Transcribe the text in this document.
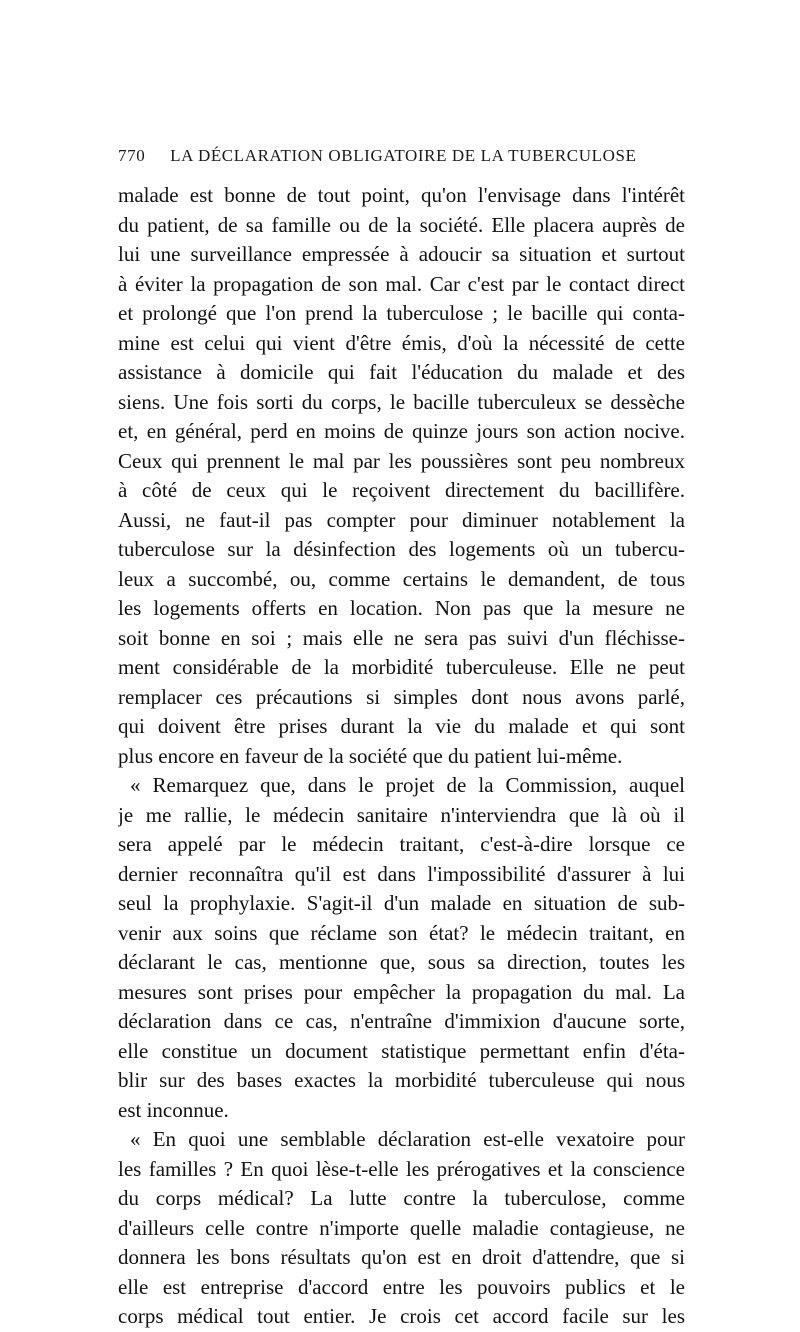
770 LA DÉCLARATION OBLIGATOIRE DE LA TUBERCULOSE
malade est bonne de tout point, qu'on l'envisage dans l'intérêt
du patient, de sa famille ou de la société. Elle placera auprès de
lui une surveillance empressée à adoucir sa situation et surtout
à éviter la propagation de son mal. Car c'est par le contact direct
et prolongé que l'on prend la tuberculose ; le bacille qui conta-
mine est celui qui vient d'être émis, d'où la nécessité de cette
assistance à domicile qui fait l'éducation du malade et des
siens. Une fois sorti du corps, le bacille tuberculeux se dessèche
et, en général, perd en moins de quinze jours son action nocive.
Ceux qui prennent le mal par les poussières sont peu nombreux
à côté de ceux qui le reçoivent directement du bacillifère.
Aussi, ne faut-il pas compter pour diminuer notablement la
tuberculose sur la désinfection des logements où un tubercu-
leux a succombé, ou, comme certains le demandent, de tous
les logements offerts en location. Non pas que la mesure ne
soit bonne en soi ; mais elle ne sera pas suivi d'un fléchisse-
ment considérable de la morbidité tuberculeuse. Elle ne peut
remplacer ces précautions si simples dont nous avons parlé,
qui doivent être prises durant la vie du malade et qui sont
plus encore en faveur de la société que du patient lui-même.
« Remarquez que, dans le projet de la Commission, auquel
je me rallie, le médecin sanitaire n'interviendra que là où il
sera appelé par le médecin traitant, c'est-à-dire lorsque ce
dernier reconnaîtra qu'il est dans l'impossibilité d'assurer à lui
seul la prophylaxie. S'agit-il d'un malade en situation de sub-
venir aux soins que réclame son état? le médecin traitant, en
déclarant le cas, mentionne que, sous sa direction, toutes les
mesures sont prises pour empêcher la propagation du mal. La
déclaration dans ce cas, n'entraîne d'immixion d'aucune sorte,
elle constitue un document statistique permettant enfin d'éta-
blir sur des bases exactes la morbidité tuberculeuse qui nous
est inconnue.
« En quoi une semblable déclaration est-elle vexatoire pour
les familles ? En quoi lèse-t-elle les prérogatives et la conscience
du corps médical? La lutte contre la tuberculose, comme
d'ailleurs celle contre n'importe quelle maladie contagieuse, ne
donnera les bons résultats qu'on est en droit d'attendre, que si
elle est entreprise d'accord entre les pouvoirs publics et le
corps médical tout entier. Je crois cet accord facile sur les
